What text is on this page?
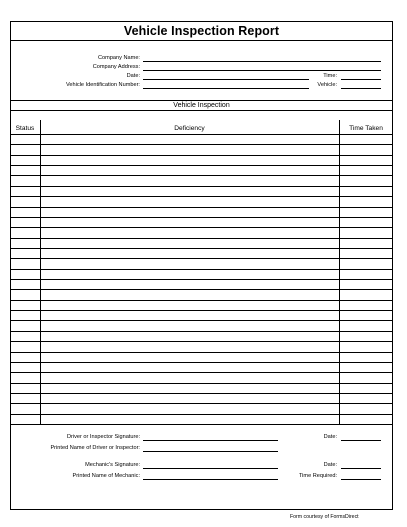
Vehicle Inspection Report
Company Name:
Company Address:
Date:	Time:
Vehicle Identification Number:	Vehicle:
Vehicle Inspection
Status	Deficiency	Time Taken
Driver or Inspector Signature:	Date:
Printed Name of Driver or Inspector:
Mechanic's Signature:	Date:
Printed Name of Mechanic:	Time Required:
Form courtesy of FormsDirect
